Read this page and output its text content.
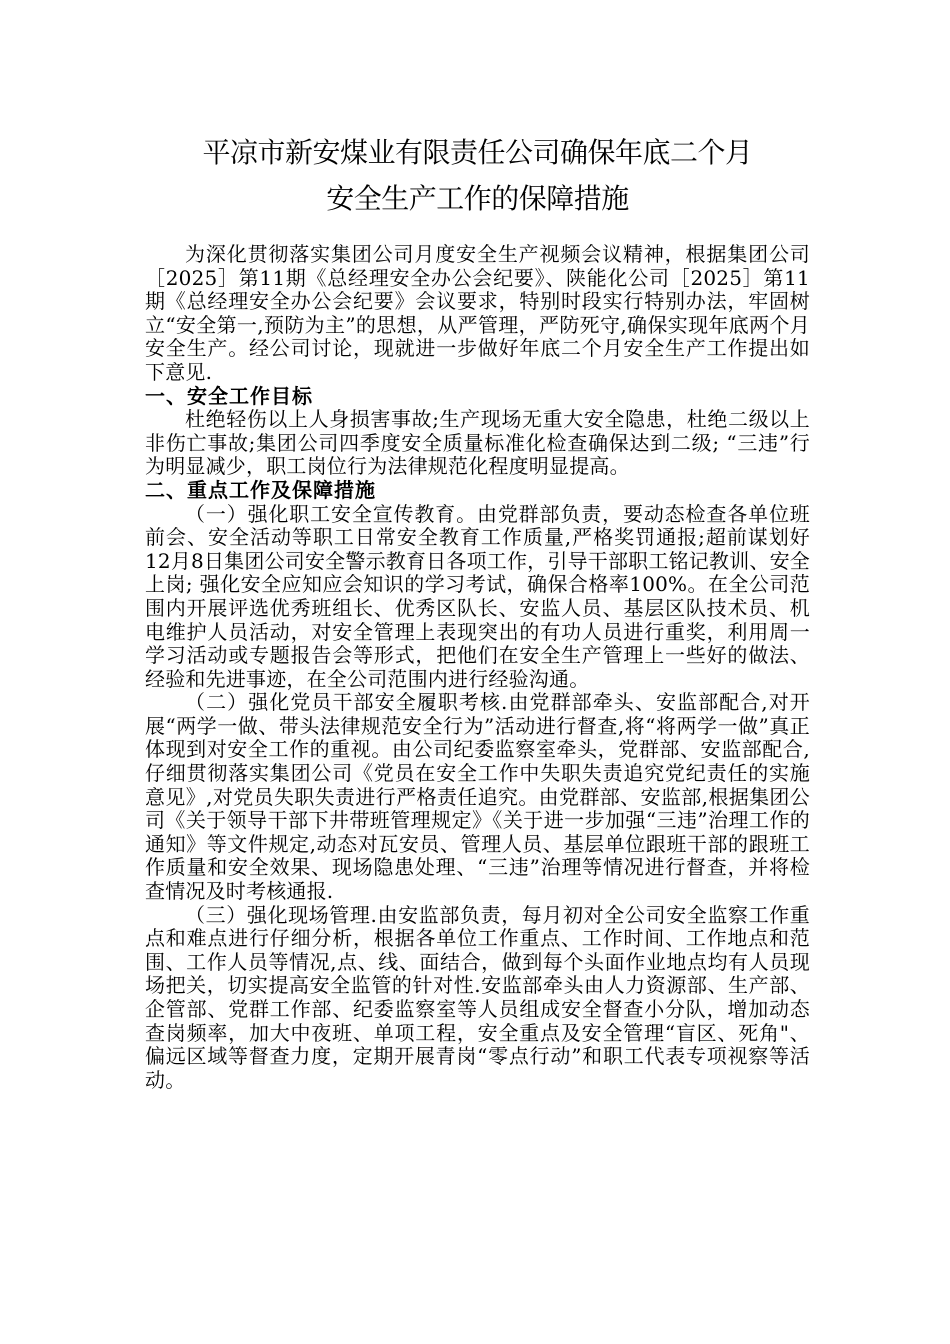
平凉市新安煤业有限责任公司确保年底二个月
安全生产工作的保障措施

为深化贯彻落实集团公司月度安全生产视频会议精神，根据集团公司［2025］第11期《总经理安全办公会纪要》、陕能化公司［2025］第11期《总经理安全办公会纪要》会议要求，特别时段实行特别办法，牢固树立“安全第一,预防为主”的思想，从严管理，严防死守,确保实现年底两个月安全生产。经公司讨论，现就进一步做好年底二个月安全生产工作提出如下意见.

一、安全工作目标

杜绝轻伤以上人身损害事故;生产现场无重大安全隐患，杜绝二级以上非伤亡事故;集团公司四季度安全质量标准化检查确保达到二级; “三违”行为明显减少，职工岗位行为法律规范化程度明显提高。

二、重点工作及保障措施

（一）强化职工安全宣传教育。由党群部负责，要动态检查各单位班前会、安全活动等职工日常安全教育工作质量,严格奖罚通报;超前谋划好12月8日集团公司安全警示教育日各项工作，引导干部职工铭记教训、安全上岗; 强化安全应知应会知识的学习考试，确保合格率100%。在全公司范围内开展评选优秀班组长、优秀区队长、安监人员、基层区队技术员、机电维护人员活动，对安全管理上表现突出的有功人员进行重奖，利用周一学习活动或专题报告会等形式，把他们在安全生产管理上一些好的做法、经验和先进事迹，在全公司范围内进行经验沟通。

（二）强化党员干部安全履职考核.由党群部牵头、安监部配合,对开展“两学一做、带头法律规范安全行为”活动进行督查,将“将两学一做”真正体现到对安全工作的重视。由公司纪委监察室牵头，党群部、安监部配合,仔细贯彻落实集团公司《党员在安全工作中失职失责追究党纪责任的实施意见》,对党员失职失责进行严格责任追究。由党群部、安监部,根据集团公司《关于领导干部下井带班管理规定》《关于进一步加强“三违”治理工作的通知》等文件规定,动态对瓦安员、管理人员、基层单位跟班干部的跟班工作质量和安全效果、现场隐患处理、“三违”治理等情况进行督查，并将检查情况及时考核通报.

（三）强化现场管理.由安监部负责，每月初对全公司安全监察工作重点和难点进行仔细分析，根据各单位工作重点、工作时间、工作地点和范围、工作人员等情况,点、线、面结合，做到每个头面作业地点均有人员现场把关，切实提高安全监管的针对性.安监部牵头由人力资源部、生产部、企管部、党群工作部、纪委监察室等人员组成安全督查小分队，增加动态查岗频率，加大中夜班、单项工程，安全重点及安全管理“盲区、死角"、偏远区域等督查力度，定期开展青岗“零点行动”和职工代表专项视察等活动。
